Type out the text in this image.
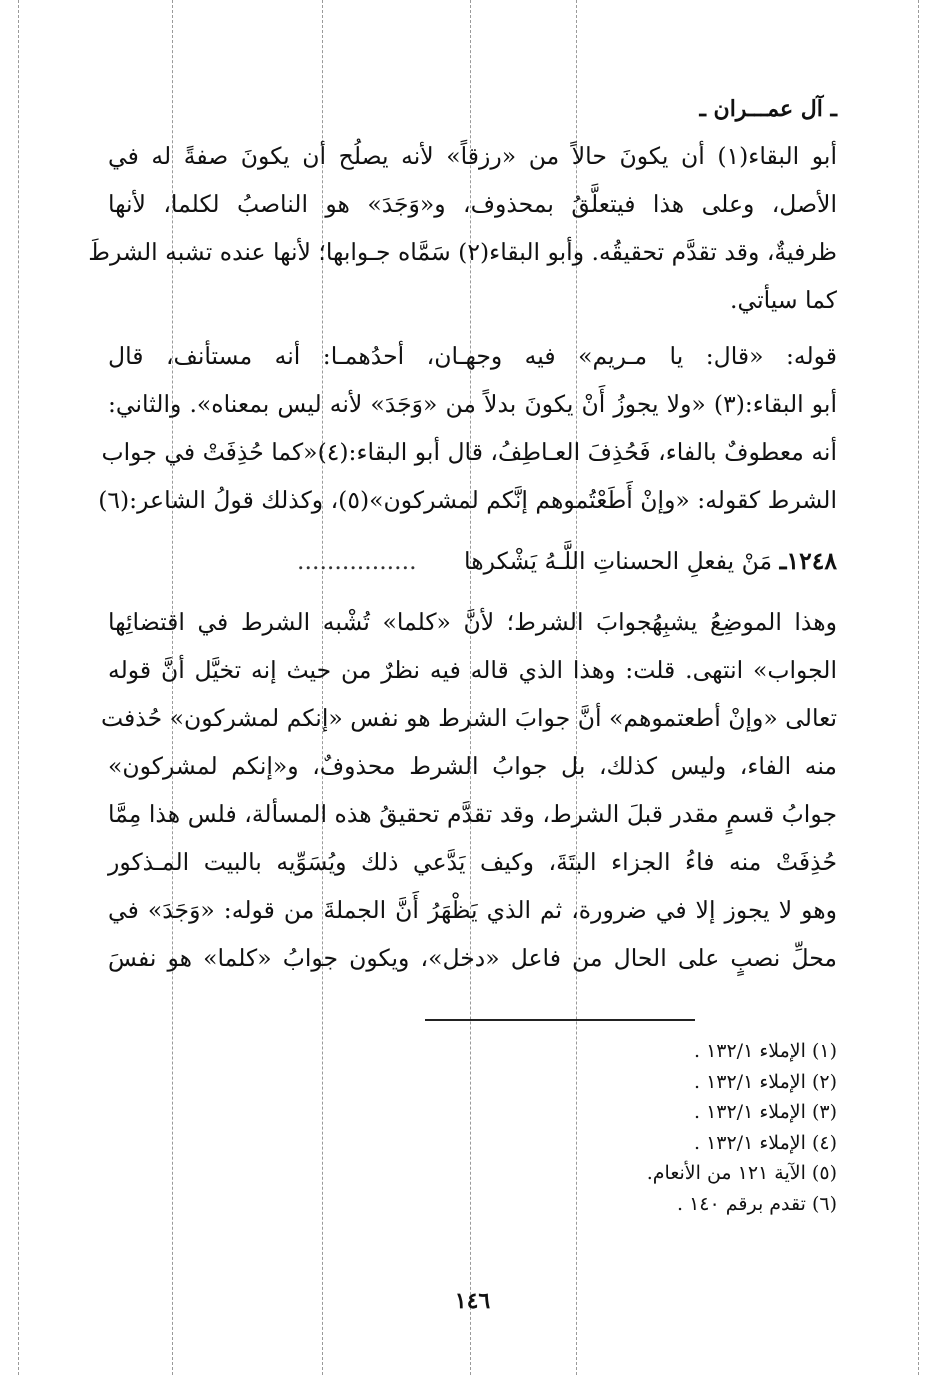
ـ آل عمـــران ـ
أبو البقاء(١) أن يكونَ حالاً من «رزقاً» لأنه يصلُح أن يكونَ صفةً له في
الأصل، وعلى هذا فيتعلَّقُ بمحذوف، و«وَجَدَ» هو الناصبُ لكلما، لأنها
ظرفيةٌ، وقد تقدَّم تحقيقُه. وأبو البقاء(٢) سَمَّاه جـوابها؛ لأنها عنده تشبه الشرطَ
كما سيأتي.
قوله: «قال: يا مـريم» فيه وجهـان، أحدُهمـا: أنه مستأنف، قال
أبو البقاء:(٣) «ولا يجوزُ أَنْ يكونَ بدلاً من «وَجَدَ» لأنه ليس بمعناه». والثاني:
أنه معطوفٌ بالفاء، فَحُذِفَ العـاطِفُ، قال أبو البقاء:(٤)«كما حُذِفَتْ في جواب
الشرط كقوله: «وإنْ أَطَعْتُموهم إنَّكم لمشركون»(٥)، وكذلك قولُ الشاعر:(٦)
١٢٤٨ـ مَنْ يفعلِ الحسناتِ اللَّـهُ يَشْكرها ................
وهذا الموضِعُ يشبِهُجوابَ الشرط؛ لأنَّ «كلما» تُشْبه الشرط في اقتضائِها
الجواب» انتهى. قلت: وهذا الذي قاله فيه نظرٌ من حيث إنه تخيَّل أنَّ قوله
تعالى «وإنْ أطعتموهم» أنَّ جوابَ الشرط هو نفس «إنكم لمشركون» حُذفت
منه الفاء، وليس كذلك، بل جوابُ الشرط محذوفٌ، و«إنكم لمشركون»
جوابُ قسمٍ مقدر قبلَ الشرط، وقد تقدَّم تحقيقُ هذه المسألة، فلس هذا مِمَّا
حُذِفَتْ منه فاءُ الجزاء البتَةَ، وكيف يَدَّعي ذلك ويُسَوِّيه بالبيت المـذكور
وهو لا يجوز إلا في ضرورة، ثم الذي يَظْهَرُ أَنَّ الجملةَ من قوله: «وَجَدَ» في
محلِّ نصبٍ على الحال من فاعل «دخل»، ويكون جوابُ «كلما» هو نفسَ
(١) الإملاء ١٣٢/١ .
(٢) الإملاء ١٣٢/١ .
(٣) الإملاء ١٣٢/١ .
(٤) الإملاء ١٣٢/١ .
(٥) الآية ١٢١ من الأنعام.
(٦) تقدم برقم ١٤٠ .
١٤٦
